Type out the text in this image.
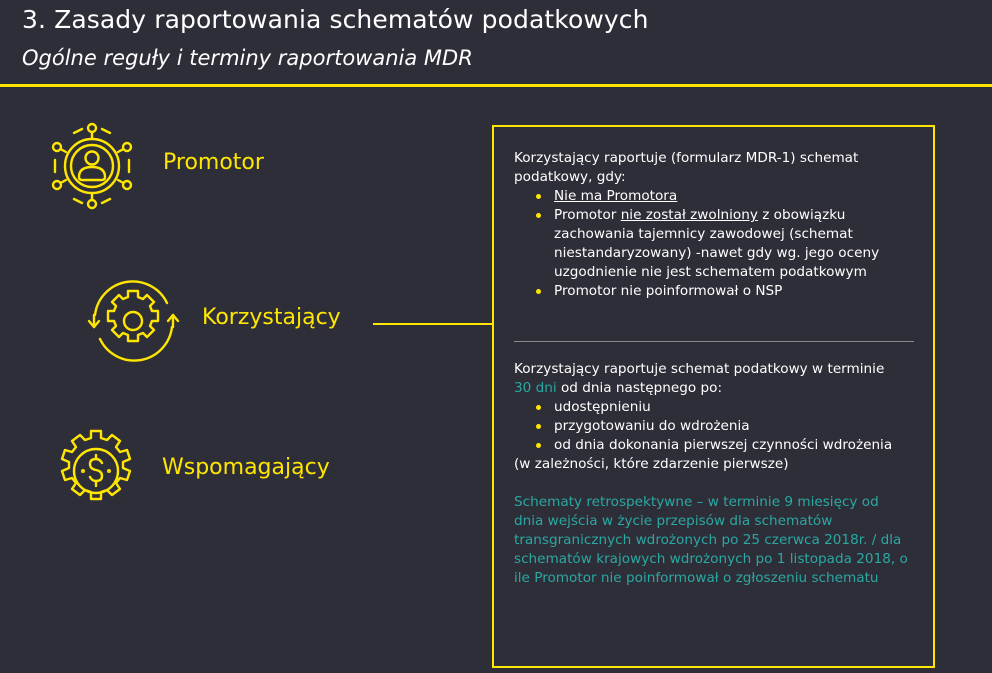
3. Zasady raportowania schematów podatkowych
Ogólne reguły i terminy raportowania MDR
Promotor
Korzystający
Wspomagający

Korzystający raportuje (formularz MDR-1) schemat podatkowy, gdy:

Nie ma Promotora
Promotor nie został zwolniony z obowiązku zachowania tajemnicy zawodowej (schemat niestandaryzowany) -nawet gdy wg. jego oceny uzgodnienie nie jest schematem podatkowym
Promotor nie poinformował o NSP

Korzystający raportuje schemat podatkowy w terminie
30 dni od dnia następnego po:

udostępnieniu
przygotowaniu do wdrożenia
od dnia dokonania pierwszej czynności wdrożenia

(w zależności, które zdarzenie pierwsze)

Schematy retrospektywne – w terminie 9 miesięcy od dnia wejścia w życie przepisów dla schematów transgranicznych wdrożonych po 25 czerwca 2018r. / dla schematów krajowych wdrożonych po 1 listopada 2018, o ile Promotor nie poinformował o zgłoszeniu schematu
